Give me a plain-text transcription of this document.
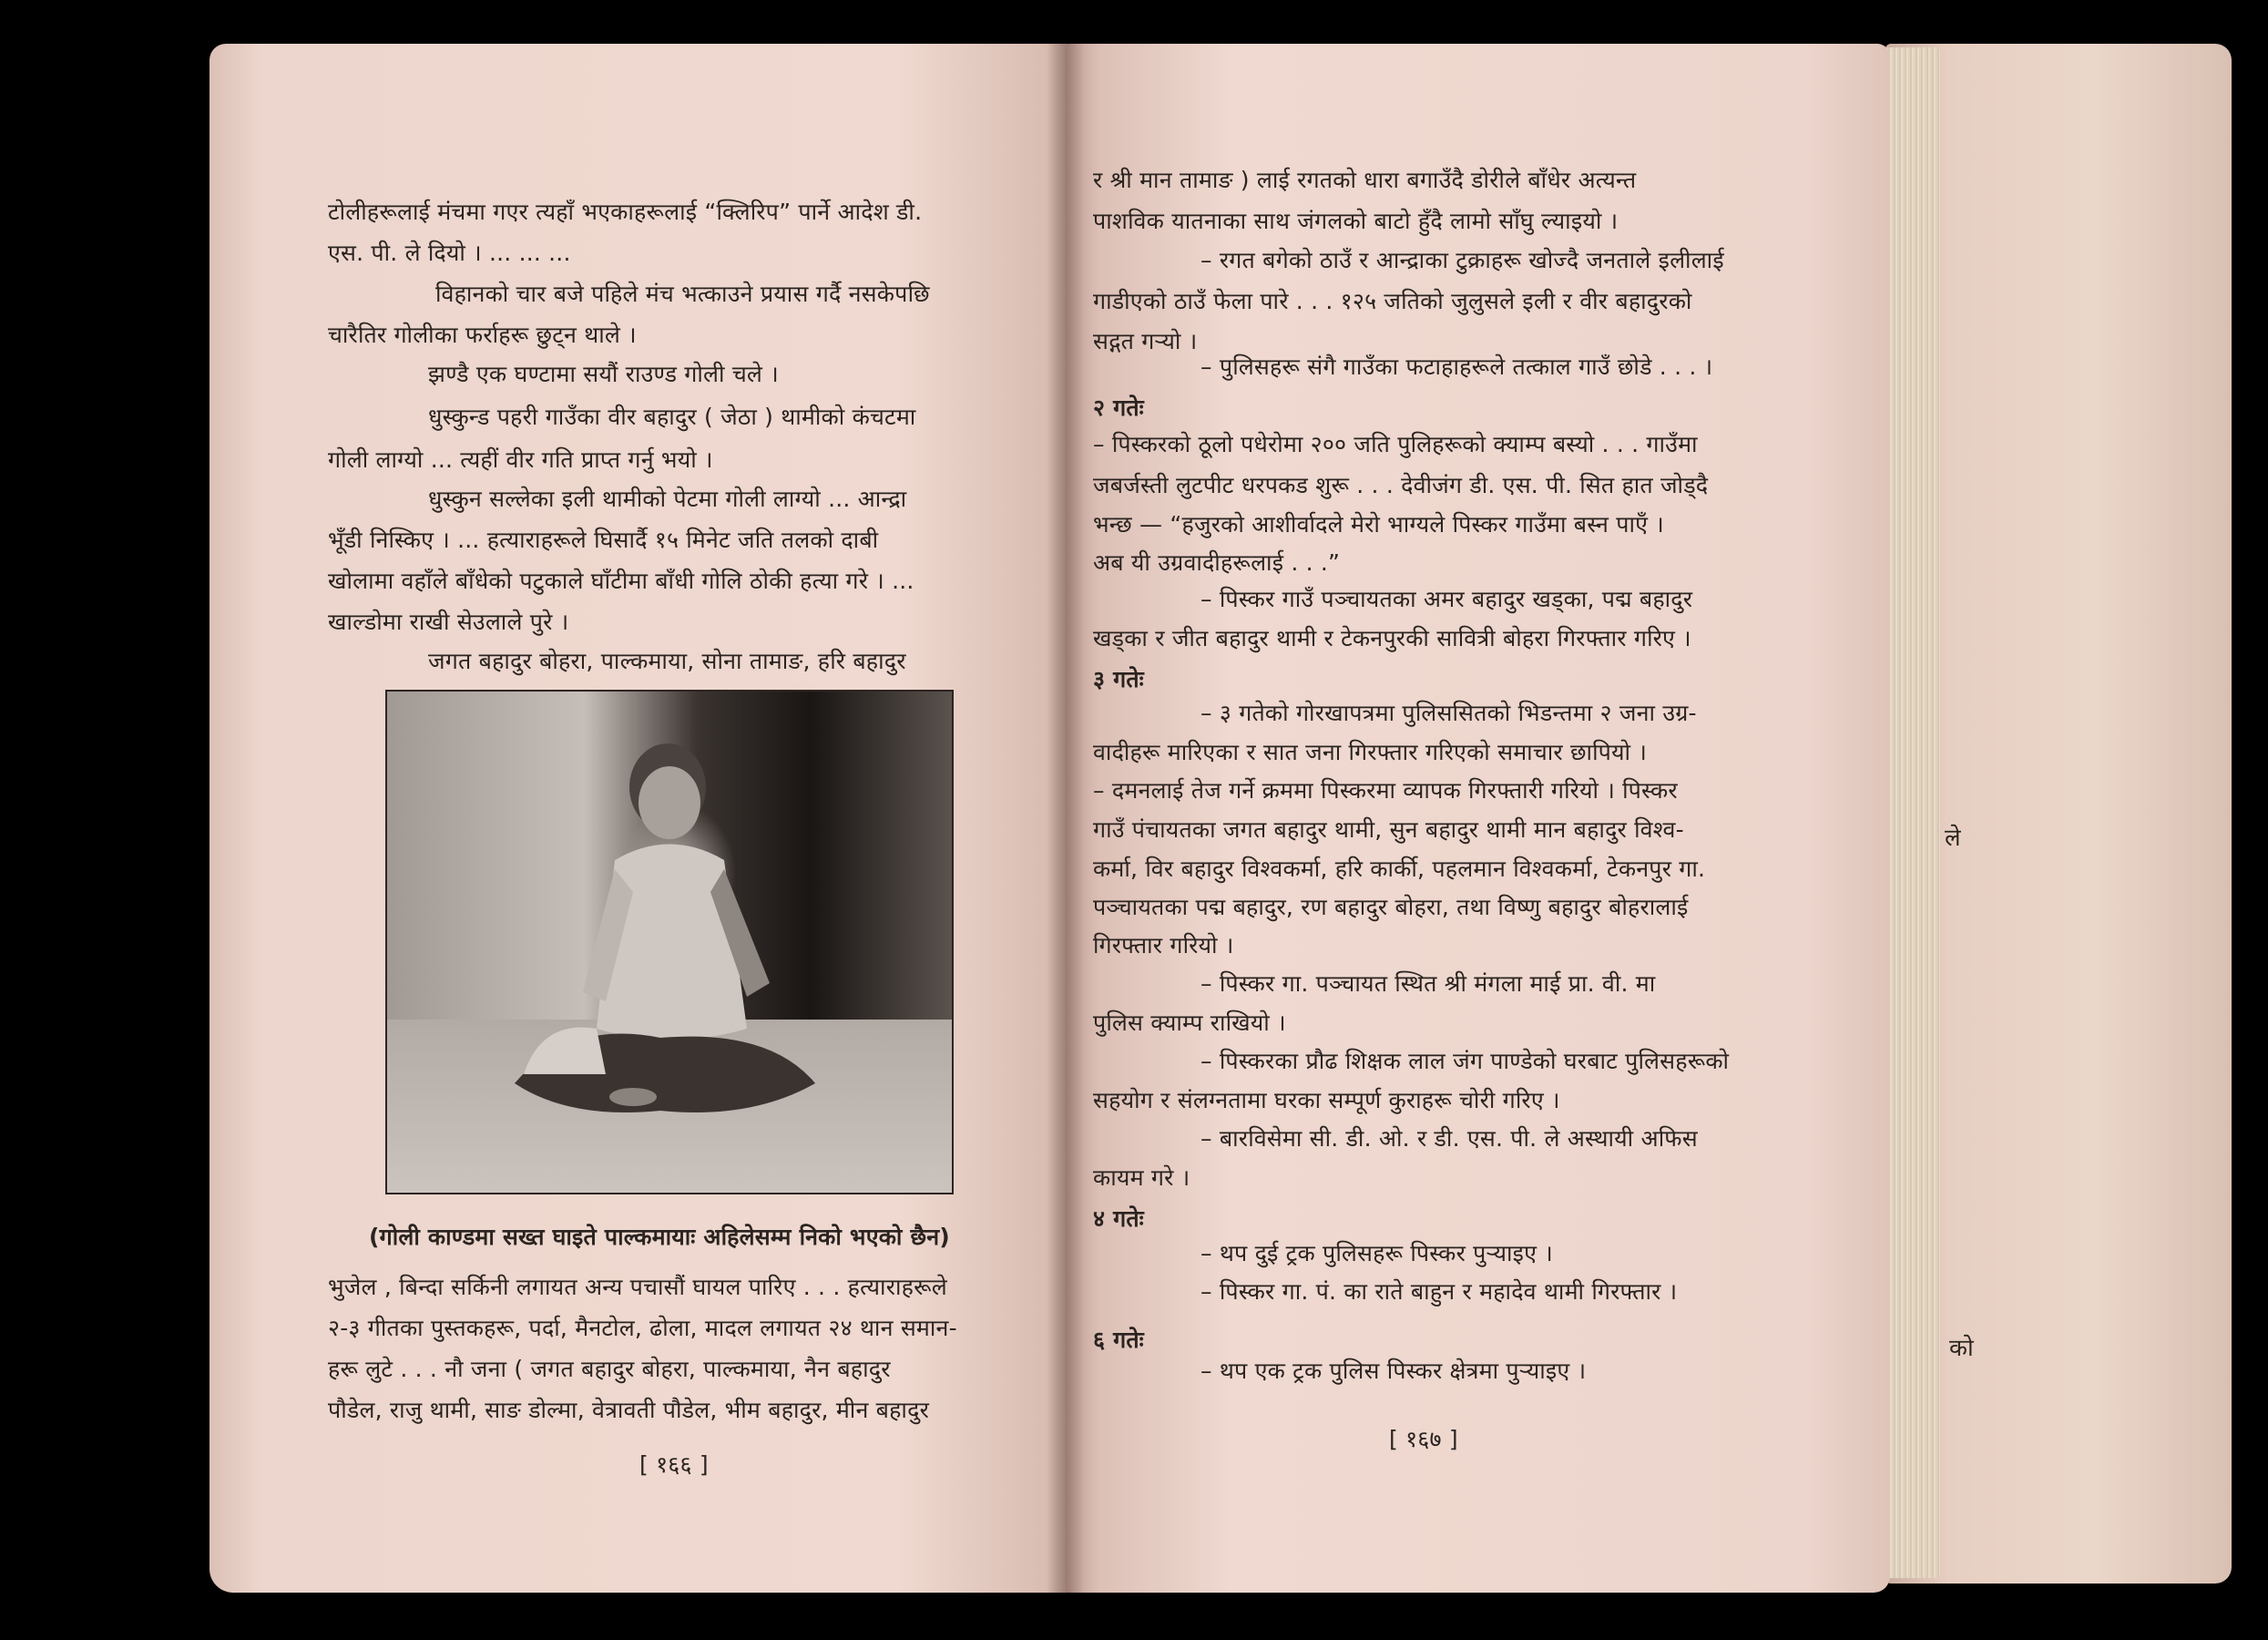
ले
को
टोलीहरूलाई मंचमा गएर त्यहाँ भएकाहरूलाई “क्लिरिप” पार्ने आदेश डी.
एस. पी. ले दियो । ... ... ...
विहानको चार बजे पहिले मंच भत्काउने प्रयास गर्दै नसकेपछि
चारैतिर गोलीका फर्राहरू छुट्न थाले ।
झण्डै एक घण्टामा सयौं राउण्ड गोली चले ।
धुस्कुन्ड पहरी गाउँका वीर बहादुर ( जेठा ) थामीको कंचटमा
गोली लाग्यो ... त्यहीं वीर गति प्राप्त गर्नु भयो ।
धुस्कुन सल्लेका इली थामीको पेटमा गोली लाग्यो ... आन्द्रा
भूँडी निस्किए । ... हत्याराहरूले घिसार्दै १५ मिनेट जति तलको दाबी
खोलामा वहाँले बाँधेको पटुकाले घाँटीमा बाँधी गोलि ठोकी हत्या गरे । ...
खाल्डोमा राखी सेउलाले पुरे ।
जगत बहादुर बोहरा, पाल्कमाया, सोना तामाङ, हरि बहादुर
(गोली काण्डमा सख्त घाइते पाल्कमायाः अहिलेसम्म निको भएको छैन)
भुजेल , बिन्दा सर्किनी लगायत अन्य पचासौं घायल पारिए . . . हत्याराहरूले
२-३ गीतका पुस्तकहरू, पर्दा, मैनटोल, ढोला, मादल लगायत २४ थान समान-
हरू लुटे . . . नौ जना ( जगत बहादुर बोहरा, पाल्कमाया, नैन बहादुर
पौडेल, राजु थामी, साङ डोल्मा, वेत्रावती पौडेल, भीम बहादुर, मीन बहादुर
[ १६६ ]
र श्री मान तामाङ ) लाई रगतको धारा बगाउँदै डोरीले बाँधेर अत्यन्त
पाशविक यातनाका साथ जंगलको बाटो हुँदै लामो साँघु ल्याइयो ।
– रगत बगेको ठाउँ र आन्द्राका टुक्राहरू खोज्दै जनताले इलीलाई
गाडीएको ठाउँ फेला पारे . . . १२५ जतिको जुलुसले इली र वीर बहादुरको
सद्गत गर्‍यो ।
– पुलिसहरू संगै गाउँका फटाहाहरूले तत्काल गाउँ छोडे . . . ।
२ गतेः
– पिस्करको ठूलो पधेरोमा २०० जति पुलिहरूको क्याम्प बस्यो . . . गाउँमा
जबर्जस्ती लुटपीट धरपकड शुरू . . . देवीजंग डी. एस. पी. सित हात जोड्दै
भन्छ — “हजुरको आशीर्वादले मेरो भाग्यले पिस्कर गाउँमा बस्न पाएँ ।
अब यी उग्रवादीहरूलाई . . .”
– पिस्कर गाउँ पञ्चायतका अमर बहादुर खड्का, पद्म बहादुर
खड्का र जीत बहादुर थामी र टेकनपुरकी सावित्री बोहरा गिरफ्तार गरिए ।
३ गतेः
– ३ गतेको गोरखापत्रमा पुलिससितको भिडन्तमा २ जना उग्र-
वादीहरू मारिएका र सात जना गिरफ्तार गरिएको समाचार छापियो ।
– दमनलाई तेज गर्ने क्रममा पिस्करमा व्यापक गिरफ्तारी गरियो । पिस्कर
गाउँ पंचायतका जगत बहादुर थामी, सुन बहादुर थामी मान बहादुर विश्व-
कर्मा, विर बहादुर विश्वकर्मा, हरि कार्की, पहलमान विश्वकर्मा, टेकनपुर गा.
पञ्चायतका पद्म बहादुर, रण बहादुर बोहरा, तथा विष्णु बहादुर बोहरालाई
गिरफ्तार गरियो ।
– पिस्कर गा. पञ्चायत स्थित श्री मंगला माई प्रा. वी. मा
पुलिस क्याम्प राखियो ।
– पिस्करका प्रौढ शिक्षक लाल जंग पाण्डेको घरबाट पुलिसहरूको
सहयोग र संलग्नतामा घरका सम्पूर्ण कुराहरू चोरी गरिए ।
– बारविसेमा सी. डी. ओ. र डी. एस. पी. ले अस्थायी अफिस
कायम गरे ।
४ गतेः
– थप दुई ट्रक पुलिसहरू पिस्कर पुर्‍याइए ।
– पिस्कर गा. पं. का राते बाहुन र महादेव थामी गिरफ्तार ।
६ गतेः
– थप एक ट्रक पुलिस पिस्कर क्षेत्रमा पुर्‍याइए ।
[ १६७ ]
